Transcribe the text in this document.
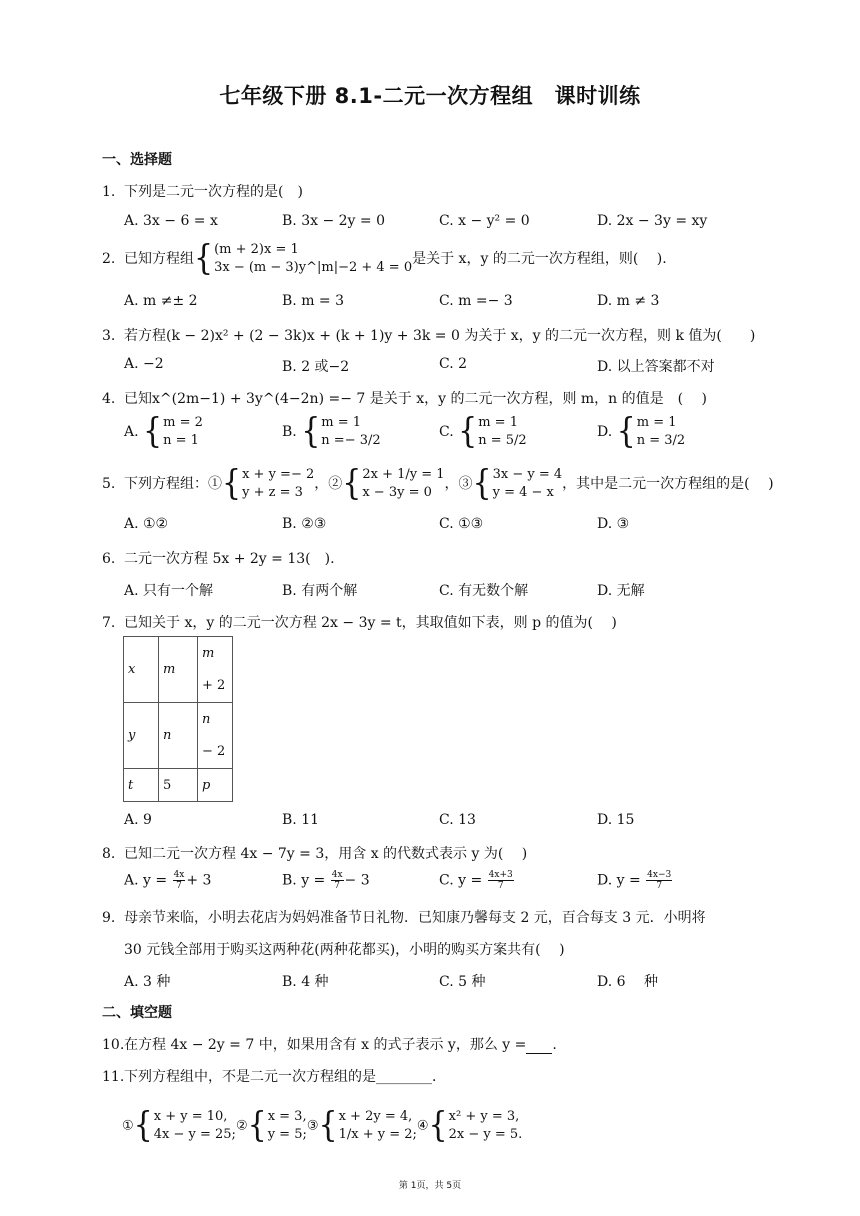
七年级下册 8.1-二元一次方程组　课时训练
一、选择题
1. 下列是二元一次方程的是(　)
A. 3x − 6 = x	B. 3x − 2y = 0	C. x − y² = 0	D. 2x − 3y = xy
2. 已知方程组 { (m + 2)x = 1
3x − (m − 3)y^|m|−2 + 4 = 0
是关于 x，y 的二元一次方程组，则(　 ).
A. m ≠± 2	B. m = 3	C. m =− 3	D. m ≠ 3
3. 若方程(k − 2)x² + (2 − 3k)x + (k + 1)y + 3k = 0 为关于 x，y 的二元一次方程，则 k 值为(　　)
A. −2	B. 2 或−2	C. 2	D. 以上答案都不对
4. 已知x^(2m−1) + 3y^(4−2n) =− 7 是关于 x，y 的二元一次方程，则 m，n 的值是　(　 )
A. { m = 2
n = 1
B. { m = 1
n =− 3/2
C. { m = 1
n = 5/2
D. { m = 1
n = 3/2
5. 下列方程组：① { x + y =− 2
y + z = 3
，② { 2x + 1/y = 1
x − 3y = 0
，③ { 3x − y = 4
y = 4 − x
，其中是二元一次方程组的是(　 )
A. ①②	B. ②③	C. ①③	D. ③
6. 二元一次方程 5x + 2y = 13(　).
A. 只有一个解	B. 有两个解	C. 有无数个解	D. 无解
7. 已知关于 x，y 的二元一次方程 2x − 3y = t，其取值如下表，则 p 的值为(　 )
x	m	m
+ 2
y	n	n
− 2
t	5	p
A. 9	B. 11	C. 13	D. 15
8. 已知二元一次方程 4x − 7y = 3，用含 x 的代数式表示 y 为(　 )
A. $y = \frac{4x}{7} + 3$	B. $y = \frac{4x}{7} - 3$	C. $y = \frac{4x+3}{7}$	D. $y = \frac{4x-3}{7}$
9. 母亲节来临，小明去花店为妈妈准备节日礼物．已知康乃馨每支 2 元，百合每支 3 元．小明将
30 元钱全部用于购买这两种花(两种花都买)，小明的购买方案共有(　 )
A. 3 种	B. 4 种	C. 5 种	D. 6　 种
二、填空题
10.在方程 4x − 2y = 7 中，如果用含有 x 的式子表示 y，那么 y = .
11.下列方程组中，不是二元一次方程组的是________．
① { x + y = 10,
4x − y = 25;
② { x = 3,
y = 5;
③ { x + 2y = 4,
1/x + y = 2;
④ { x² + y = 3,
2x − y = 5.
第 1页，共 5页
